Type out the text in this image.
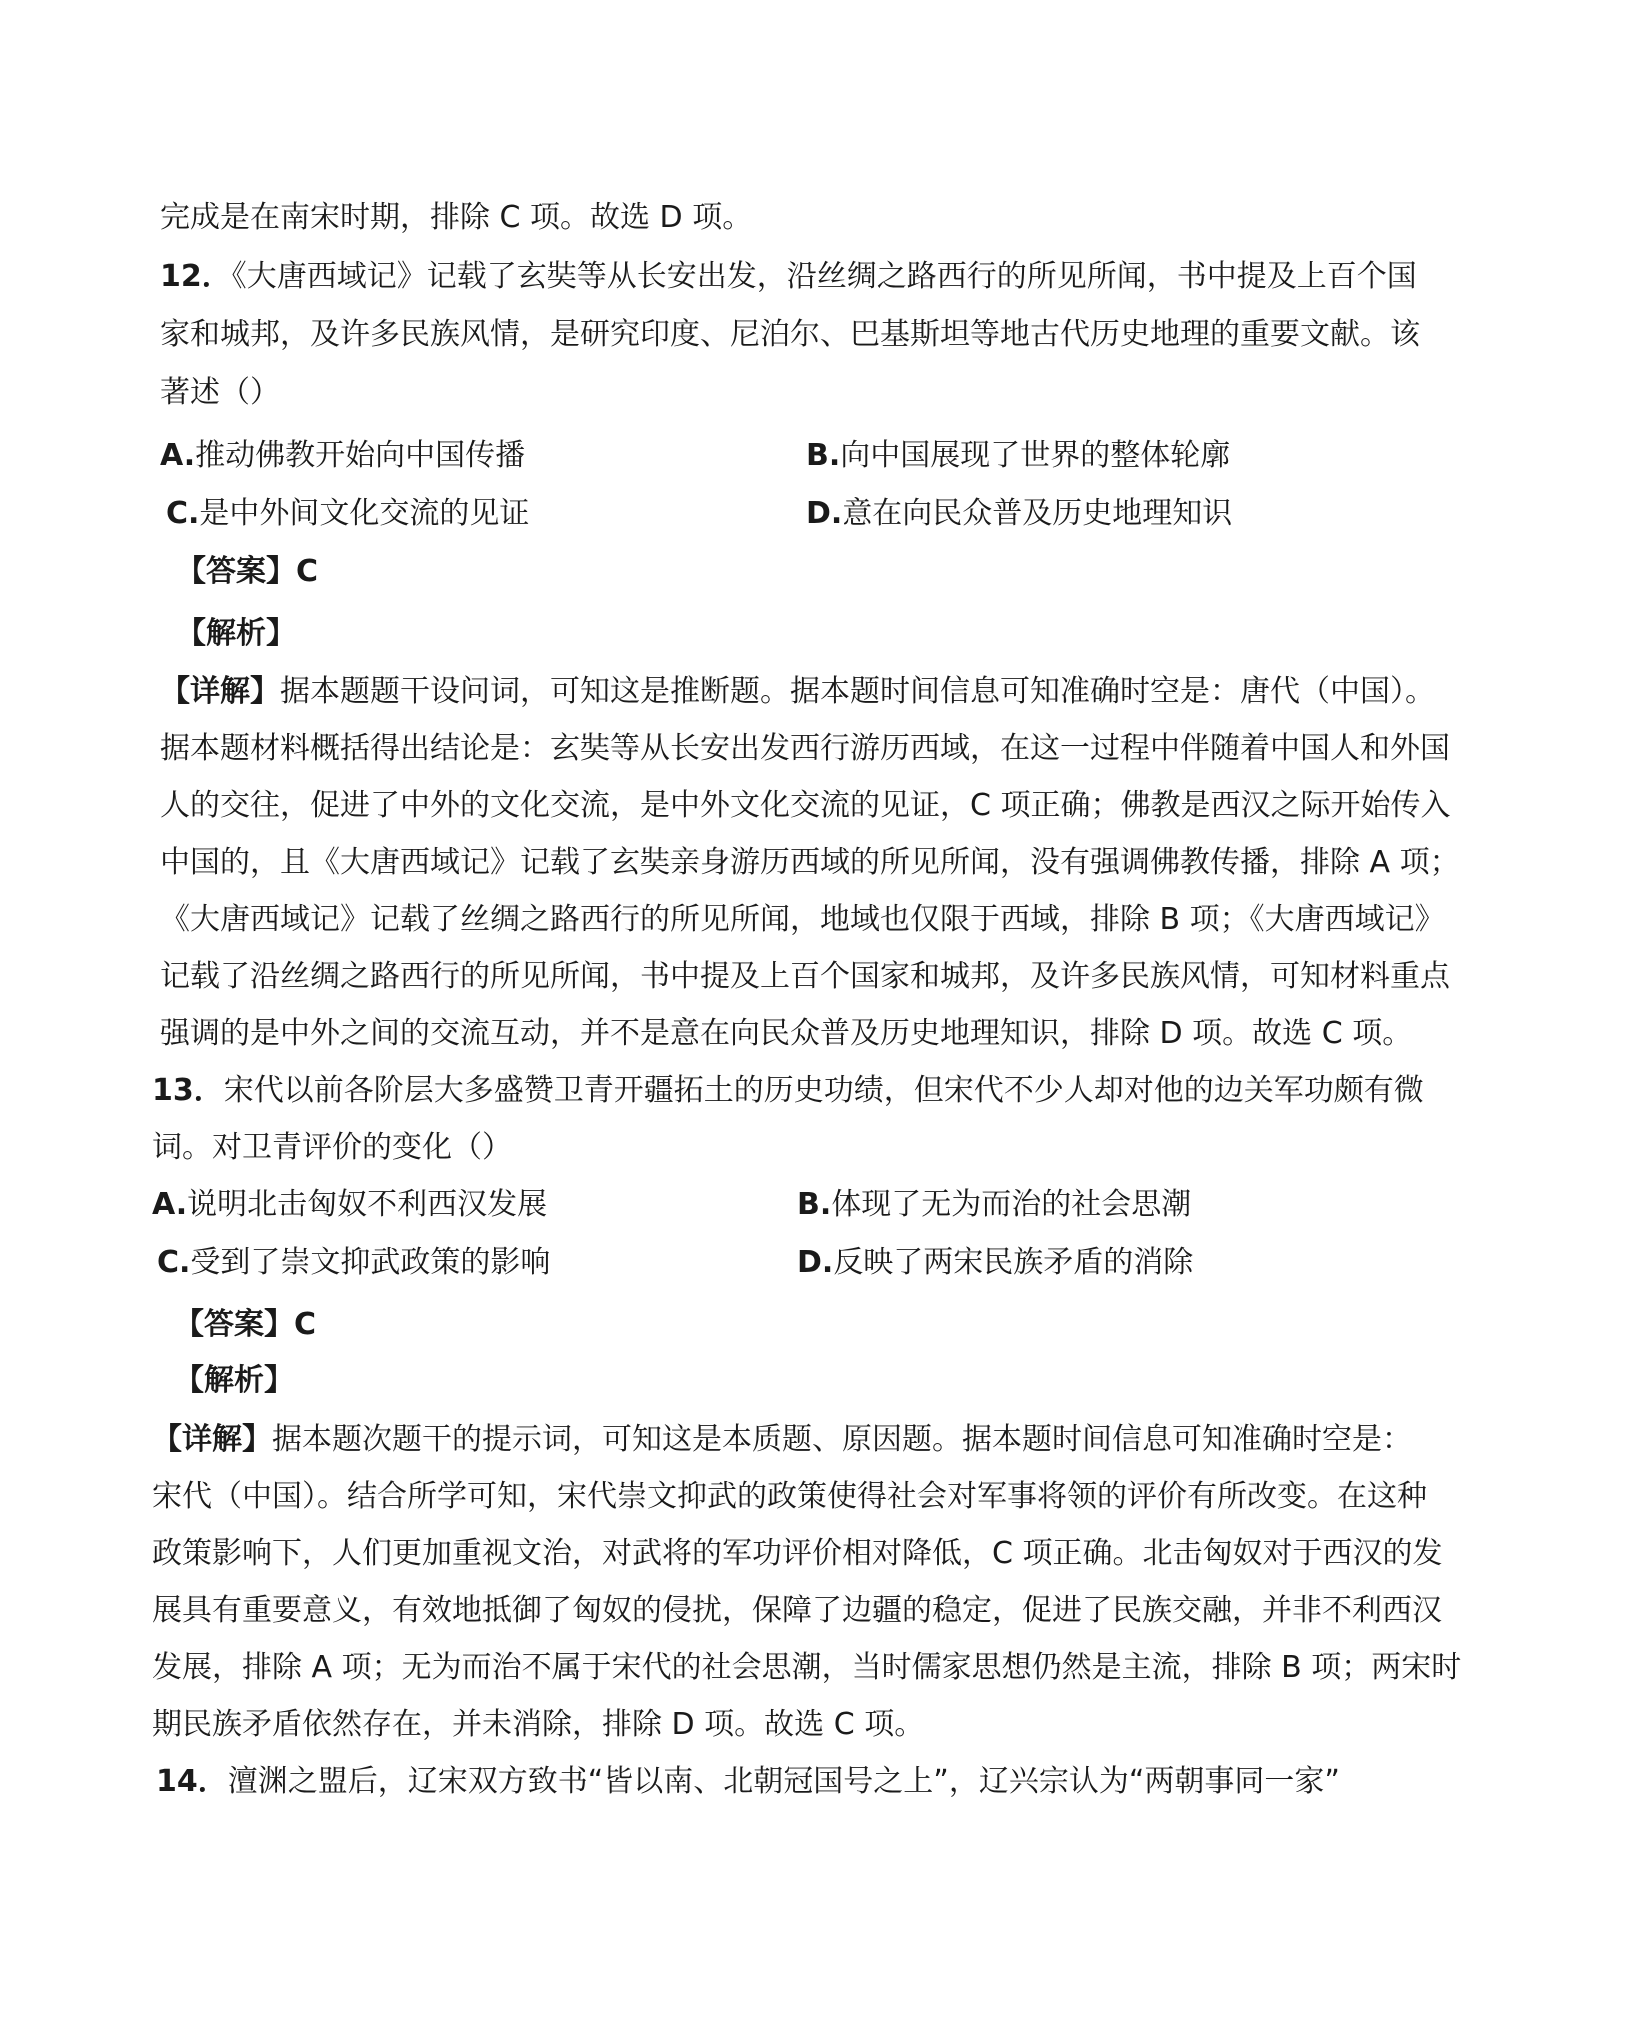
完成是在南宋时期，排除 C 项。故选 D 项。
12．《大唐西域记》记载了玄奘等从长安出发，沿丝绸之路西行的所见所闻，书中提及上百个国
家和城邦，及许多民族风情，是研究印度、尼泊尔、巴基斯坦等地古代历史地理的重要文献。该
著述（）
A.推动佛教开始向中国传播	B.向中国展现了世界的整体轮廓
C.是中外间文化交流的见证	D.意在向民众普及历史地理知识
【答案】C
【解析】
【详解】据本题题干设问词，可知这是推断题。据本题时间信息可知准确时空是：唐代（中国）。
据本题材料概括得出结论是：玄奘等从长安出发西行游历西域，在这一过程中伴随着中国人和外国
人的交往，促进了中外的文化交流，是中外文化交流的见证，C 项正确；佛教是西汉之际开始传入
中国的，且《大唐西域记》记载了玄奘亲身游历西域的所见所闻，没有强调佛教传播，排除 A 项；
《大唐西域记》记载了丝绸之路西行的所见所闻，地域也仅限于西域，排除 B 项；《大唐西域记》
记载了沿丝绸之路西行的所见所闻，书中提及上百个国家和城邦，及许多民族风情，可知材料重点
强调的是中外之间的交流互动，并不是意在向民众普及历史地理知识，排除 D 项。故选 C 项。
13．宋代以前各阶层大多盛赞卫青开疆拓土的历史功绩，但宋代不少人却对他的边关军功颇有微
词。对卫青评价的变化（）
A.说明北击匈奴不利西汉发展	B.体现了无为而治的社会思潮
C.受到了崇文抑武政策的影响	D.反映了两宋民族矛盾的消除
【答案】C
【解析】
【详解】据本题次题干的提示词，可知这是本质题、原因题。据本题时间信息可知准确时空是：
宋代（中国）。结合所学可知，宋代崇文抑武的政策使得社会对军事将领的评价有所改变。在这种
政策影响下，人们更加重视文治，对武将的军功评价相对降低，C 项正确。北击匈奴对于西汉的发
展具有重要意义，有效地抵御了匈奴的侵扰，保障了边疆的稳定，促进了民族交融，并非不利西汉
发展，排除 A 项；无为而治不属于宋代的社会思潮，当时儒家思想仍然是主流，排除 B 项；两宋时
期民族矛盾依然存在，并未消除，排除 D 项。故选 C 项。
14．澶渊之盟后，辽宋双方致书“皆以南、北朝冠国号之上”，辽兴宗认为“两朝事同一家”
